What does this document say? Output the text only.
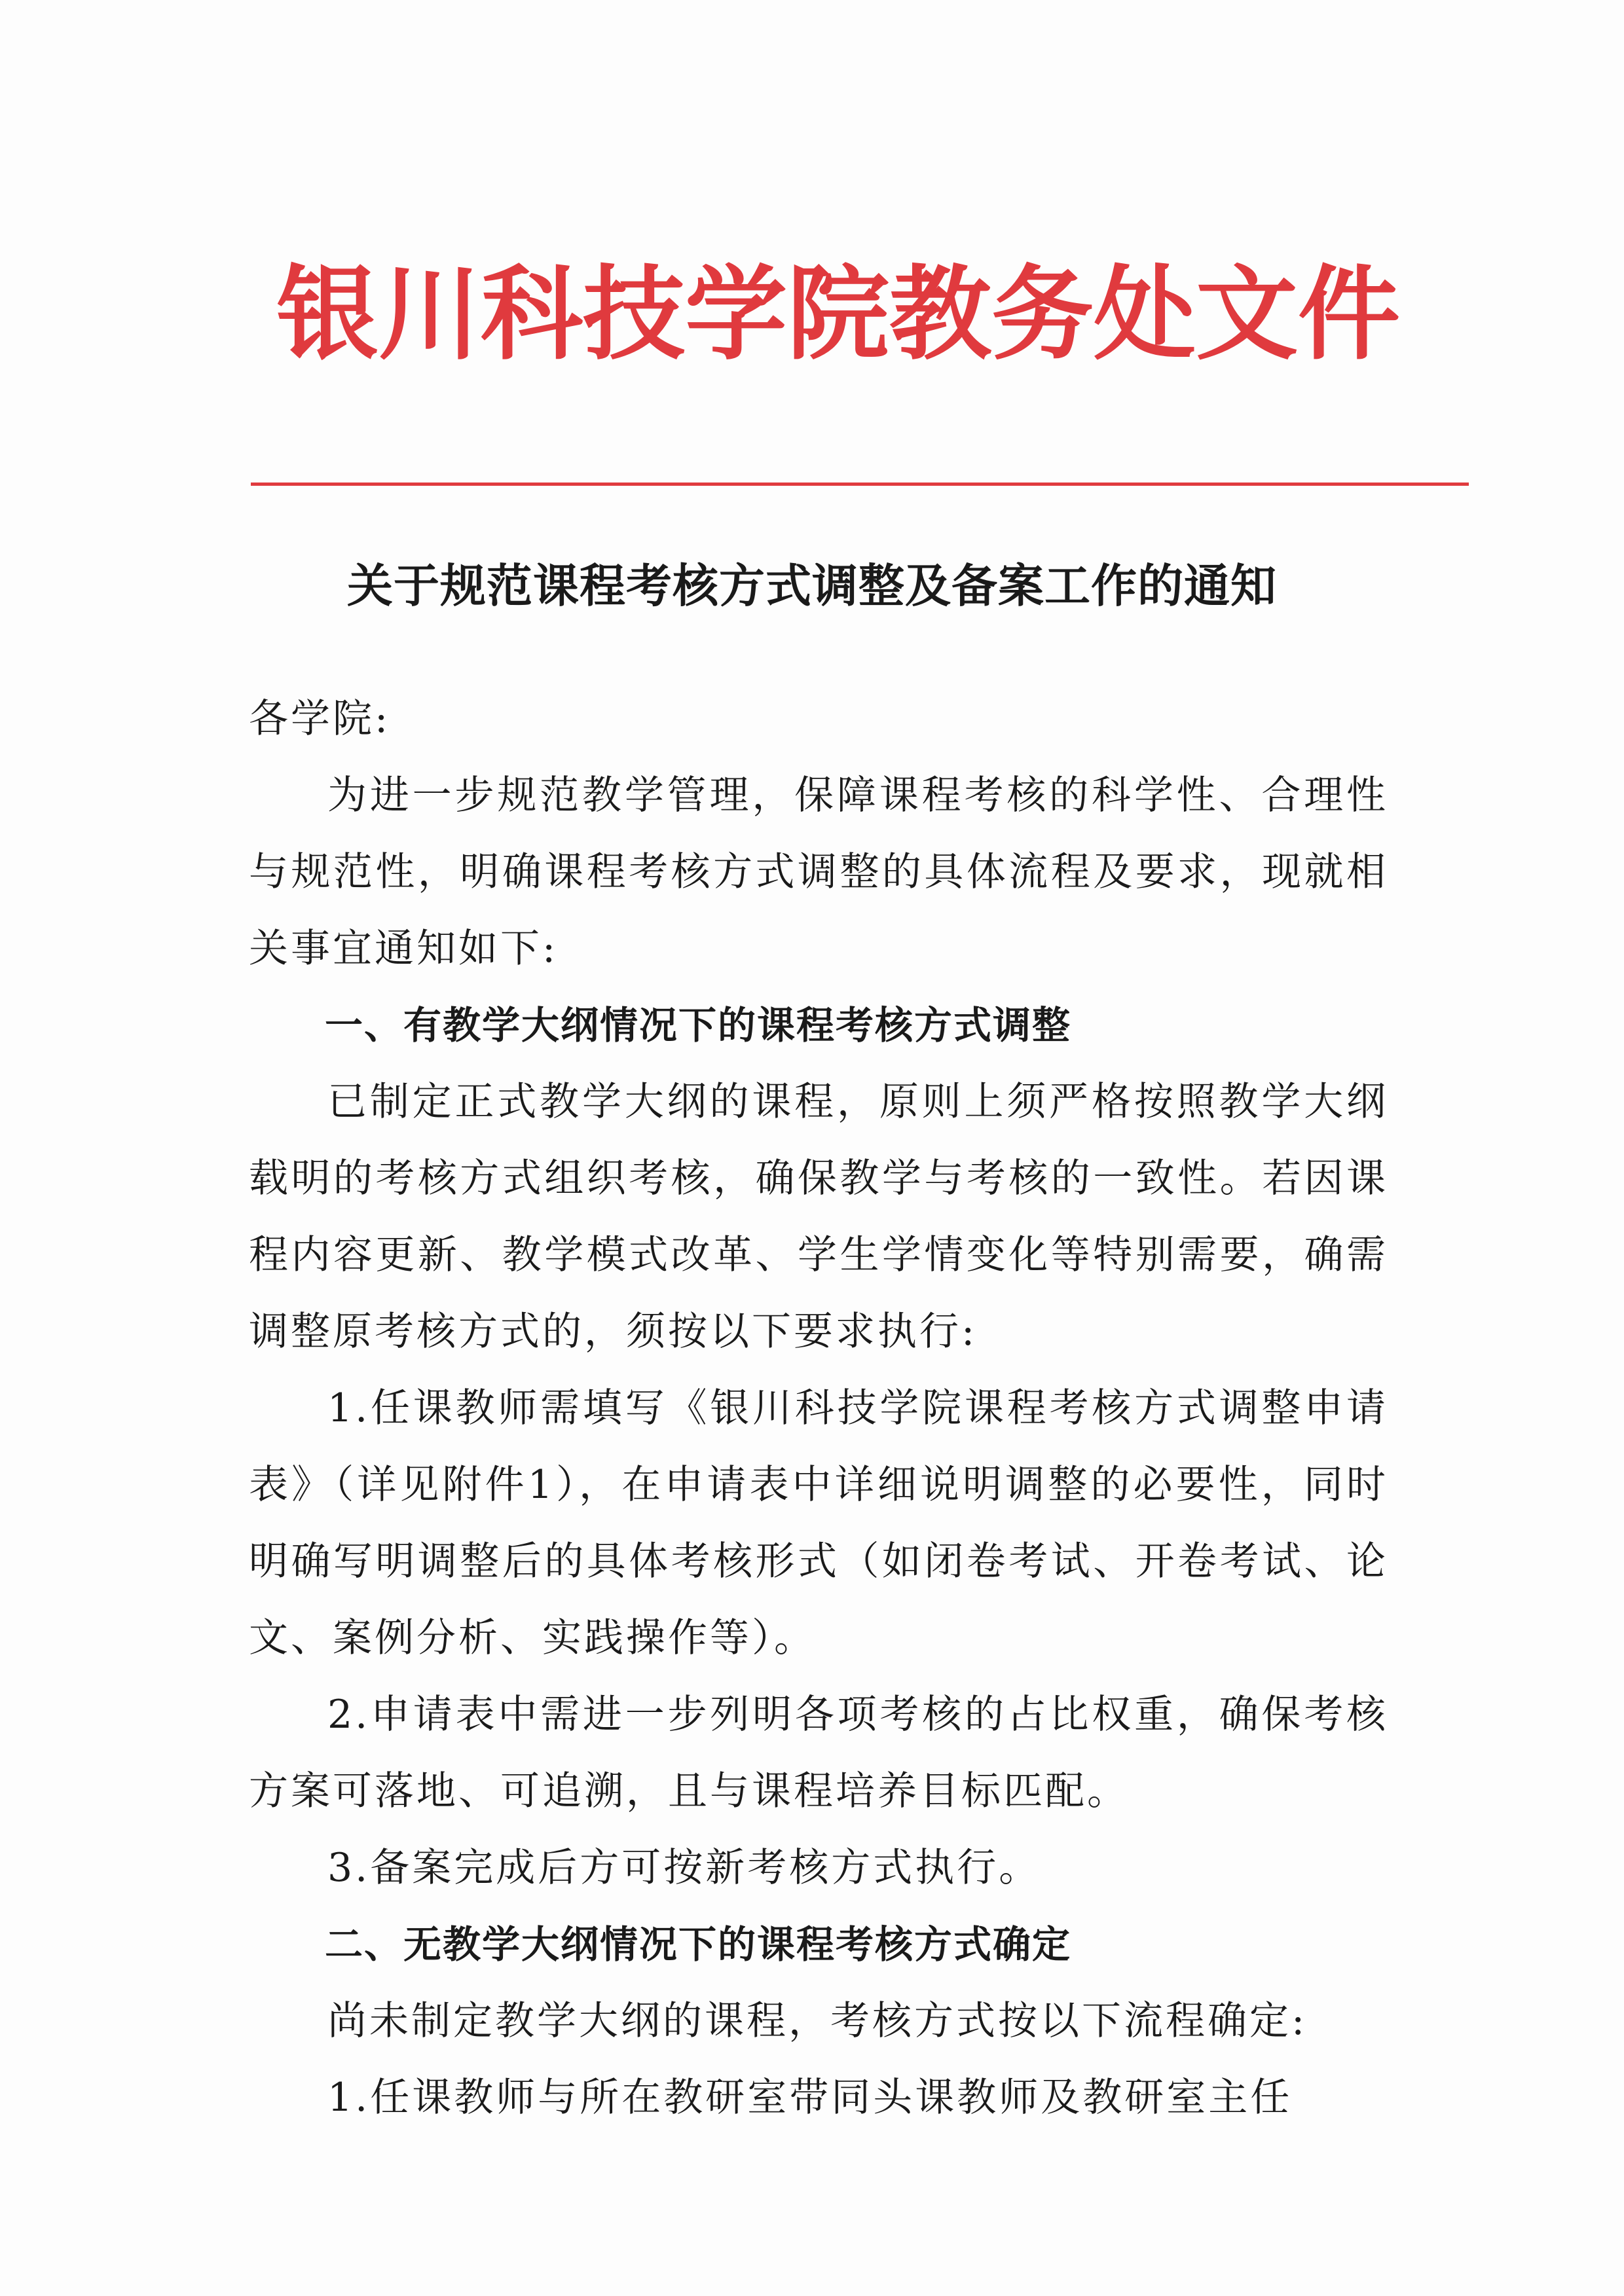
银川科技学院教务处文件
关于规范课程考核方式调整及备案工作的通知

各学院:

为进一步规范教学管理，保障课程考核的科学性、合理性与规范性，明确课程考核方式调整的具体流程及要求，现就相关事宜通知如下:

一、有教学大纲情况下的课程考核方式调整

已制定正式教学大纲的课程，原则上须严格按照教学大纲载明的考核方式组织考核，确保教学与考核的一致性。若因课程内容更新、教学模式改革、学生学情变化等特别需要，确需调整原考核方式的，须按以下要求执行:

1.任课教师需填写《银川科技学院课程考核方式调整申请表》（详见附件1），在申请表中详细说明调整的必要性，同时明确写明调整后的具体考核形式（如闭卷考试、开卷考试、论文、案例分析、实践操作等）。

2.申请表中需进一步列明各项考核的占比权重，确保考核方案可落地、可追溯，且与课程培养目标匹配。

3.备案完成后方可按新考核方式执行。

二、无教学大纲情况下的课程考核方式确定

尚未制定教学大纲的课程，考核方式按以下流程确定:

1.任课教师与所在教研室带同头课教师及教研室主任
